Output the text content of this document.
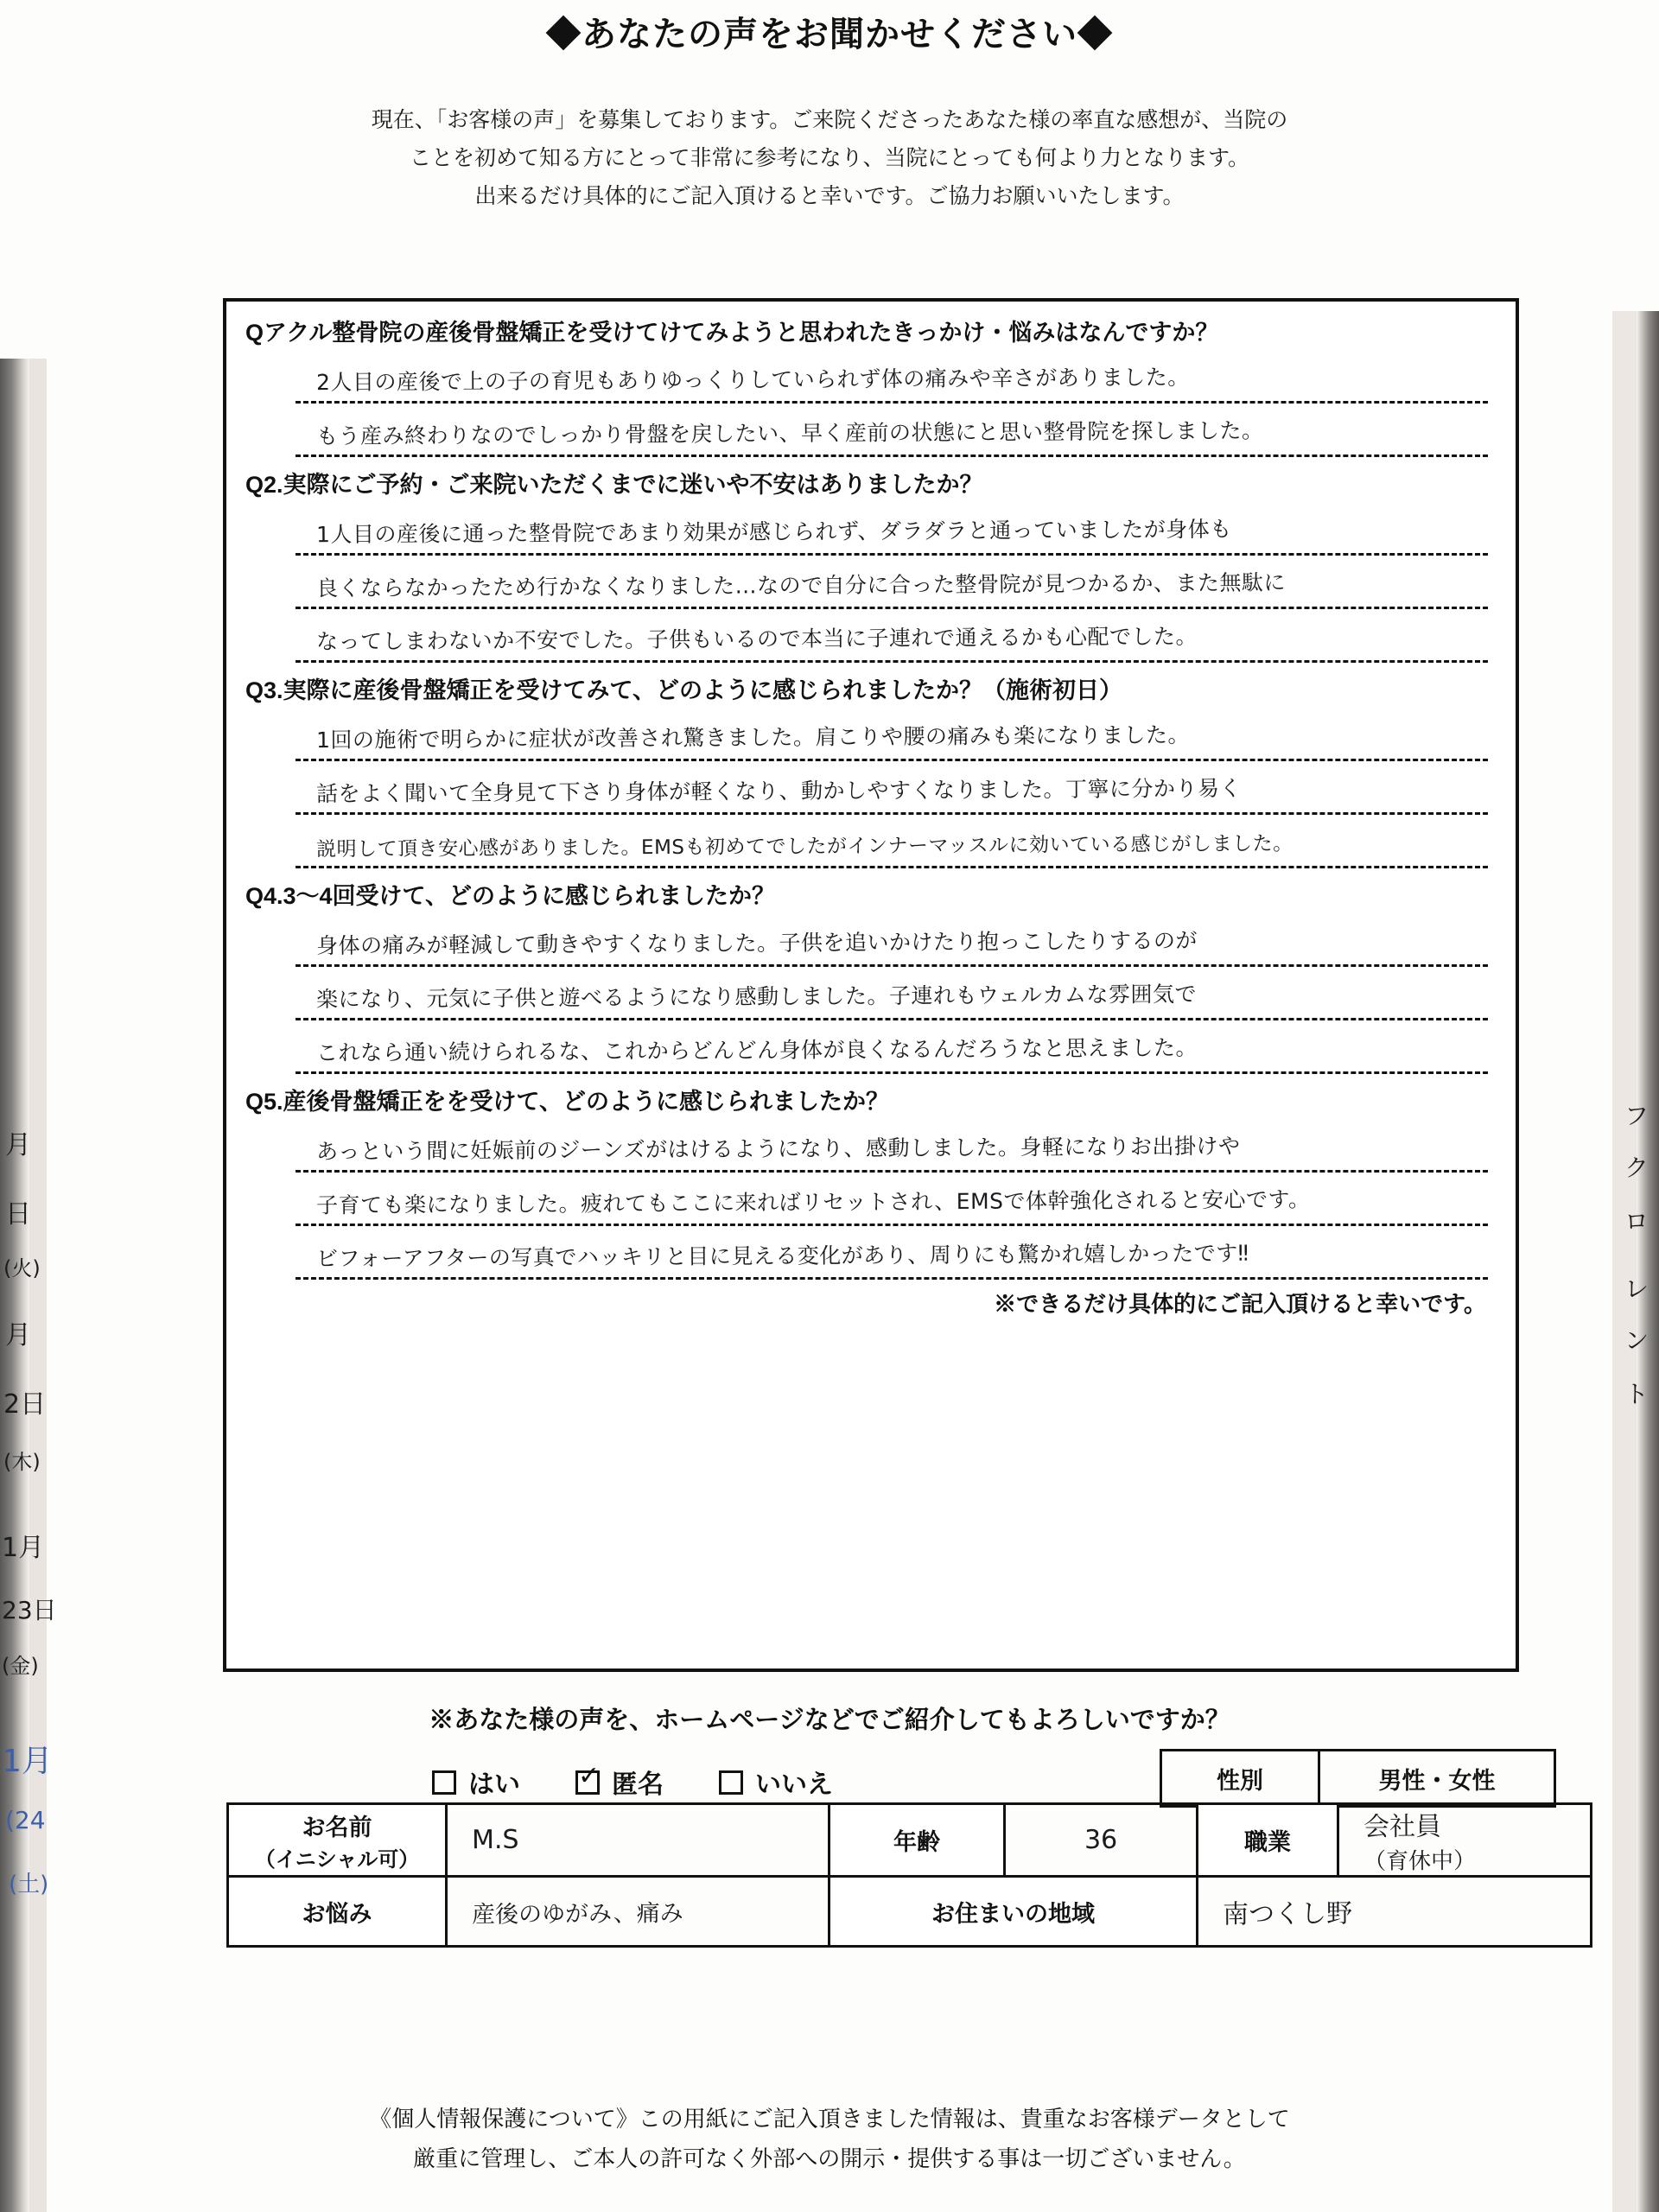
月
日
(火)
月
2日
(木)
1月
23日
(金)
1月
(24
(土)
フ
ク
ロ
レ
ン
ト
◆あなたの声をお聞かせください◆
現在、「お客様の声」を募集しております。ご来院くださったあなた様の率直な感想が、当院の
ことを初めて知る方にとって非常に参考になり、当院にとっても何より力となります。
出来るだけ具体的にご記入頂けると幸いです。ご協力お願いいたします。
Qアクル整骨院の産後骨盤矯正を受けてけてみようと思われたきっかけ・悩みはなんですか？
2人目の産後で上の子の育児もありゆっくりしていられず体の痛みや辛さがありました。
もう産み終わりなのでしっかり骨盤を戻したい、早く産前の状態にと思い整骨院を探しました。
Q2.実際にご予約・ご来院いただくまでに迷いや不安はありましたか？
1人目の産後に通った整骨院であまり効果が感じられず、ダラダラと通っていましたが身体も
良くならなかったため行かなくなりました…なので自分に合った整骨院が見つかるか、また無駄に
なってしまわないか不安でした。子供もいるので本当に子連れで通えるかも心配でした。
Q3.実際に産後骨盤矯正を受けてみて、どのように感じられましたか？（施術初日）
1回の施術で明らかに症状が改善され驚きました。肩こりや腰の痛みも楽になりました。
話をよく聞いて全身見て下さり身体が軽くなり、動かしやすくなりました。丁寧に分かり易く
説明して頂き安心感がありました。EMSも初めてでしたがインナーマッスルに効いている感じがしました。
Q4.3～4回受けて、どのように感じられましたか？
身体の痛みが軽減して動きやすくなりました。子供を追いかけたり抱っこしたりするのが
楽になり、元気に子供と遊べるようになり感動しました。子連れもウェルカムな雰囲気で
これなら通い続けられるな、これからどんどん身体が良くなるんだろうなと思えました。
Q5.産後骨盤矯正をを受けて、どのように感じられましたか？
あっという間に妊娠前のジーンズがはけるようになり、感動しました。身軽になりお出掛けや
子育ても楽になりました。疲れてもここに来ればリセットされ、EMSで体幹強化されると安心です。
ビフォーアフターの写真でハッキリと目に見える変化があり、周りにも驚かれ嬉しかったです‼
※できるだけ具体的にご記入頂けると幸いです。
※あなた様の声を、ホームページなどでご紹介してもよろしいですか？
はい ✓	匿名	いいえ	性別	男性・女性
お名前
（イニシャル可）	M.S	年齢	36	職業	会社員
（育休中）

お悩み	産後のゆがみ、痛み	お住まいの地域		南つくし野	
《個人情報保護について》この用紙にご記入頂きました情報は、貴重なお客様データとして
厳重に管理し、ご本人の許可なく外部への開示・提供する事は一切ございません。
